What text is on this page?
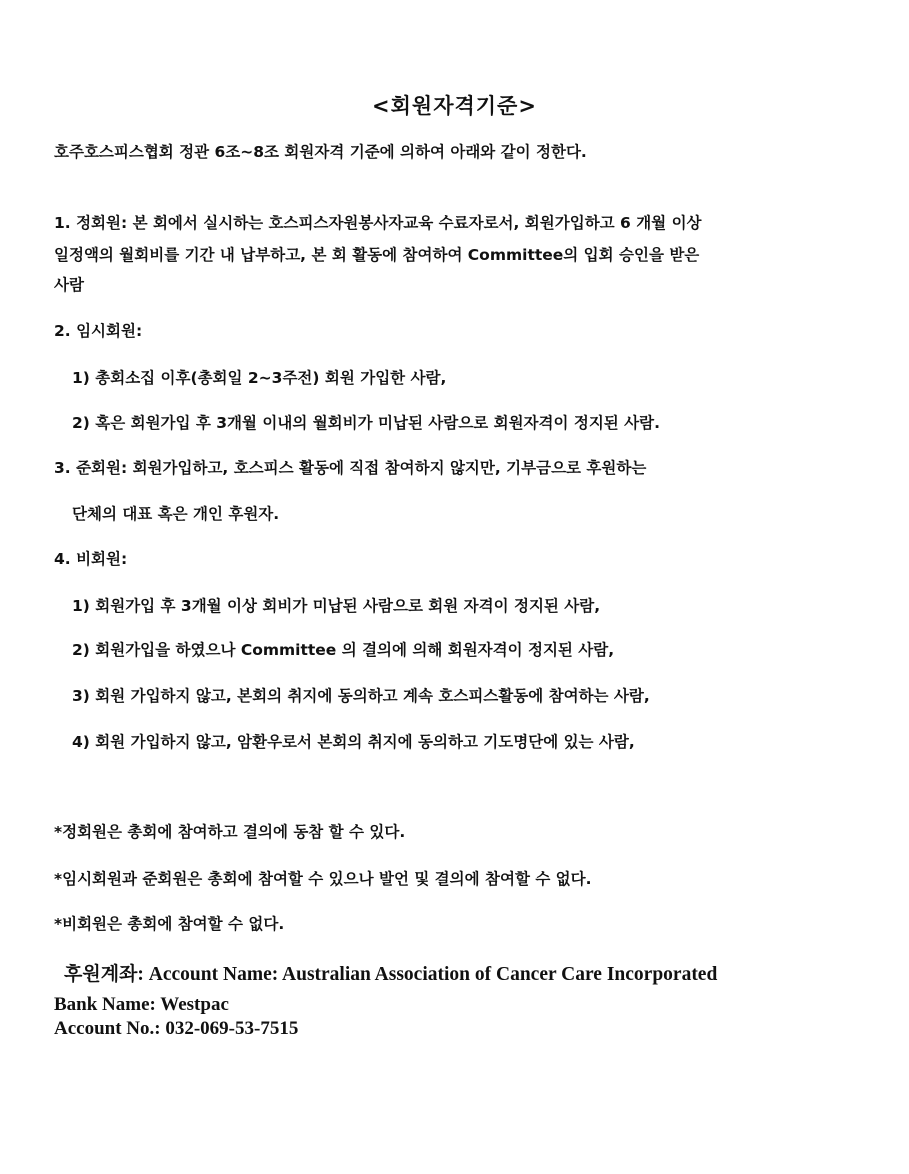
<회원자격기준>
호주호스피스협회 정관 6조~8조 회원자격 기준에 의하여 아래와 같이 정한다.
1. 정회원: 본 회에서 실시하는 호스피스자원봉사자교육 수료자로서, 회원가입하고 6 개월 이상
일정액의 월회비를 기간 내 납부하고, 본 회 활동에 참여하여 Committee의 입회 승인을 받은
사람
2. 임시회원:
1) 총회소집 이후(총회일 2~3주전) 회원 가입한 사람,
2) 혹은 회원가입 후 3개월 이내의 월회비가 미납된 사람으로 회원자격이 정지된 사람.
3. 준회원: 회원가입하고, 호스피스 활동에 직접 참여하지 않지만, 기부금으로 후원하는
단체의 대표 혹은 개인 후원자.
4. 비회원:
1) 회원가입 후 3개월 이상 회비가 미납된 사람으로 회원 자격이 정지된 사람,
2) 회원가입을 하였으나 Committee 의 결의에 의해 회원자격이 정지된 사람,
3) 회원 가입하지 않고, 본회의 취지에 동의하고 계속 호스피스활동에 참여하는 사람,
4) 회원 가입하지 않고, 암환우로서 본회의 취지에 동의하고 기도명단에 있는 사람,
*정회원은 총회에 참여하고 결의에 동참 할 수 있다.
*임시회원과 준회원은 총회에 참여할 수 있으나 발언 및 결의에 참여할 수 없다.
*비회원은 총회에 참여할 수 없다.
후원계좌: Account Name: Australian Association of Cancer Care Incorporated
Bank Name: Westpac
Account No.: 032-069-53-7515
